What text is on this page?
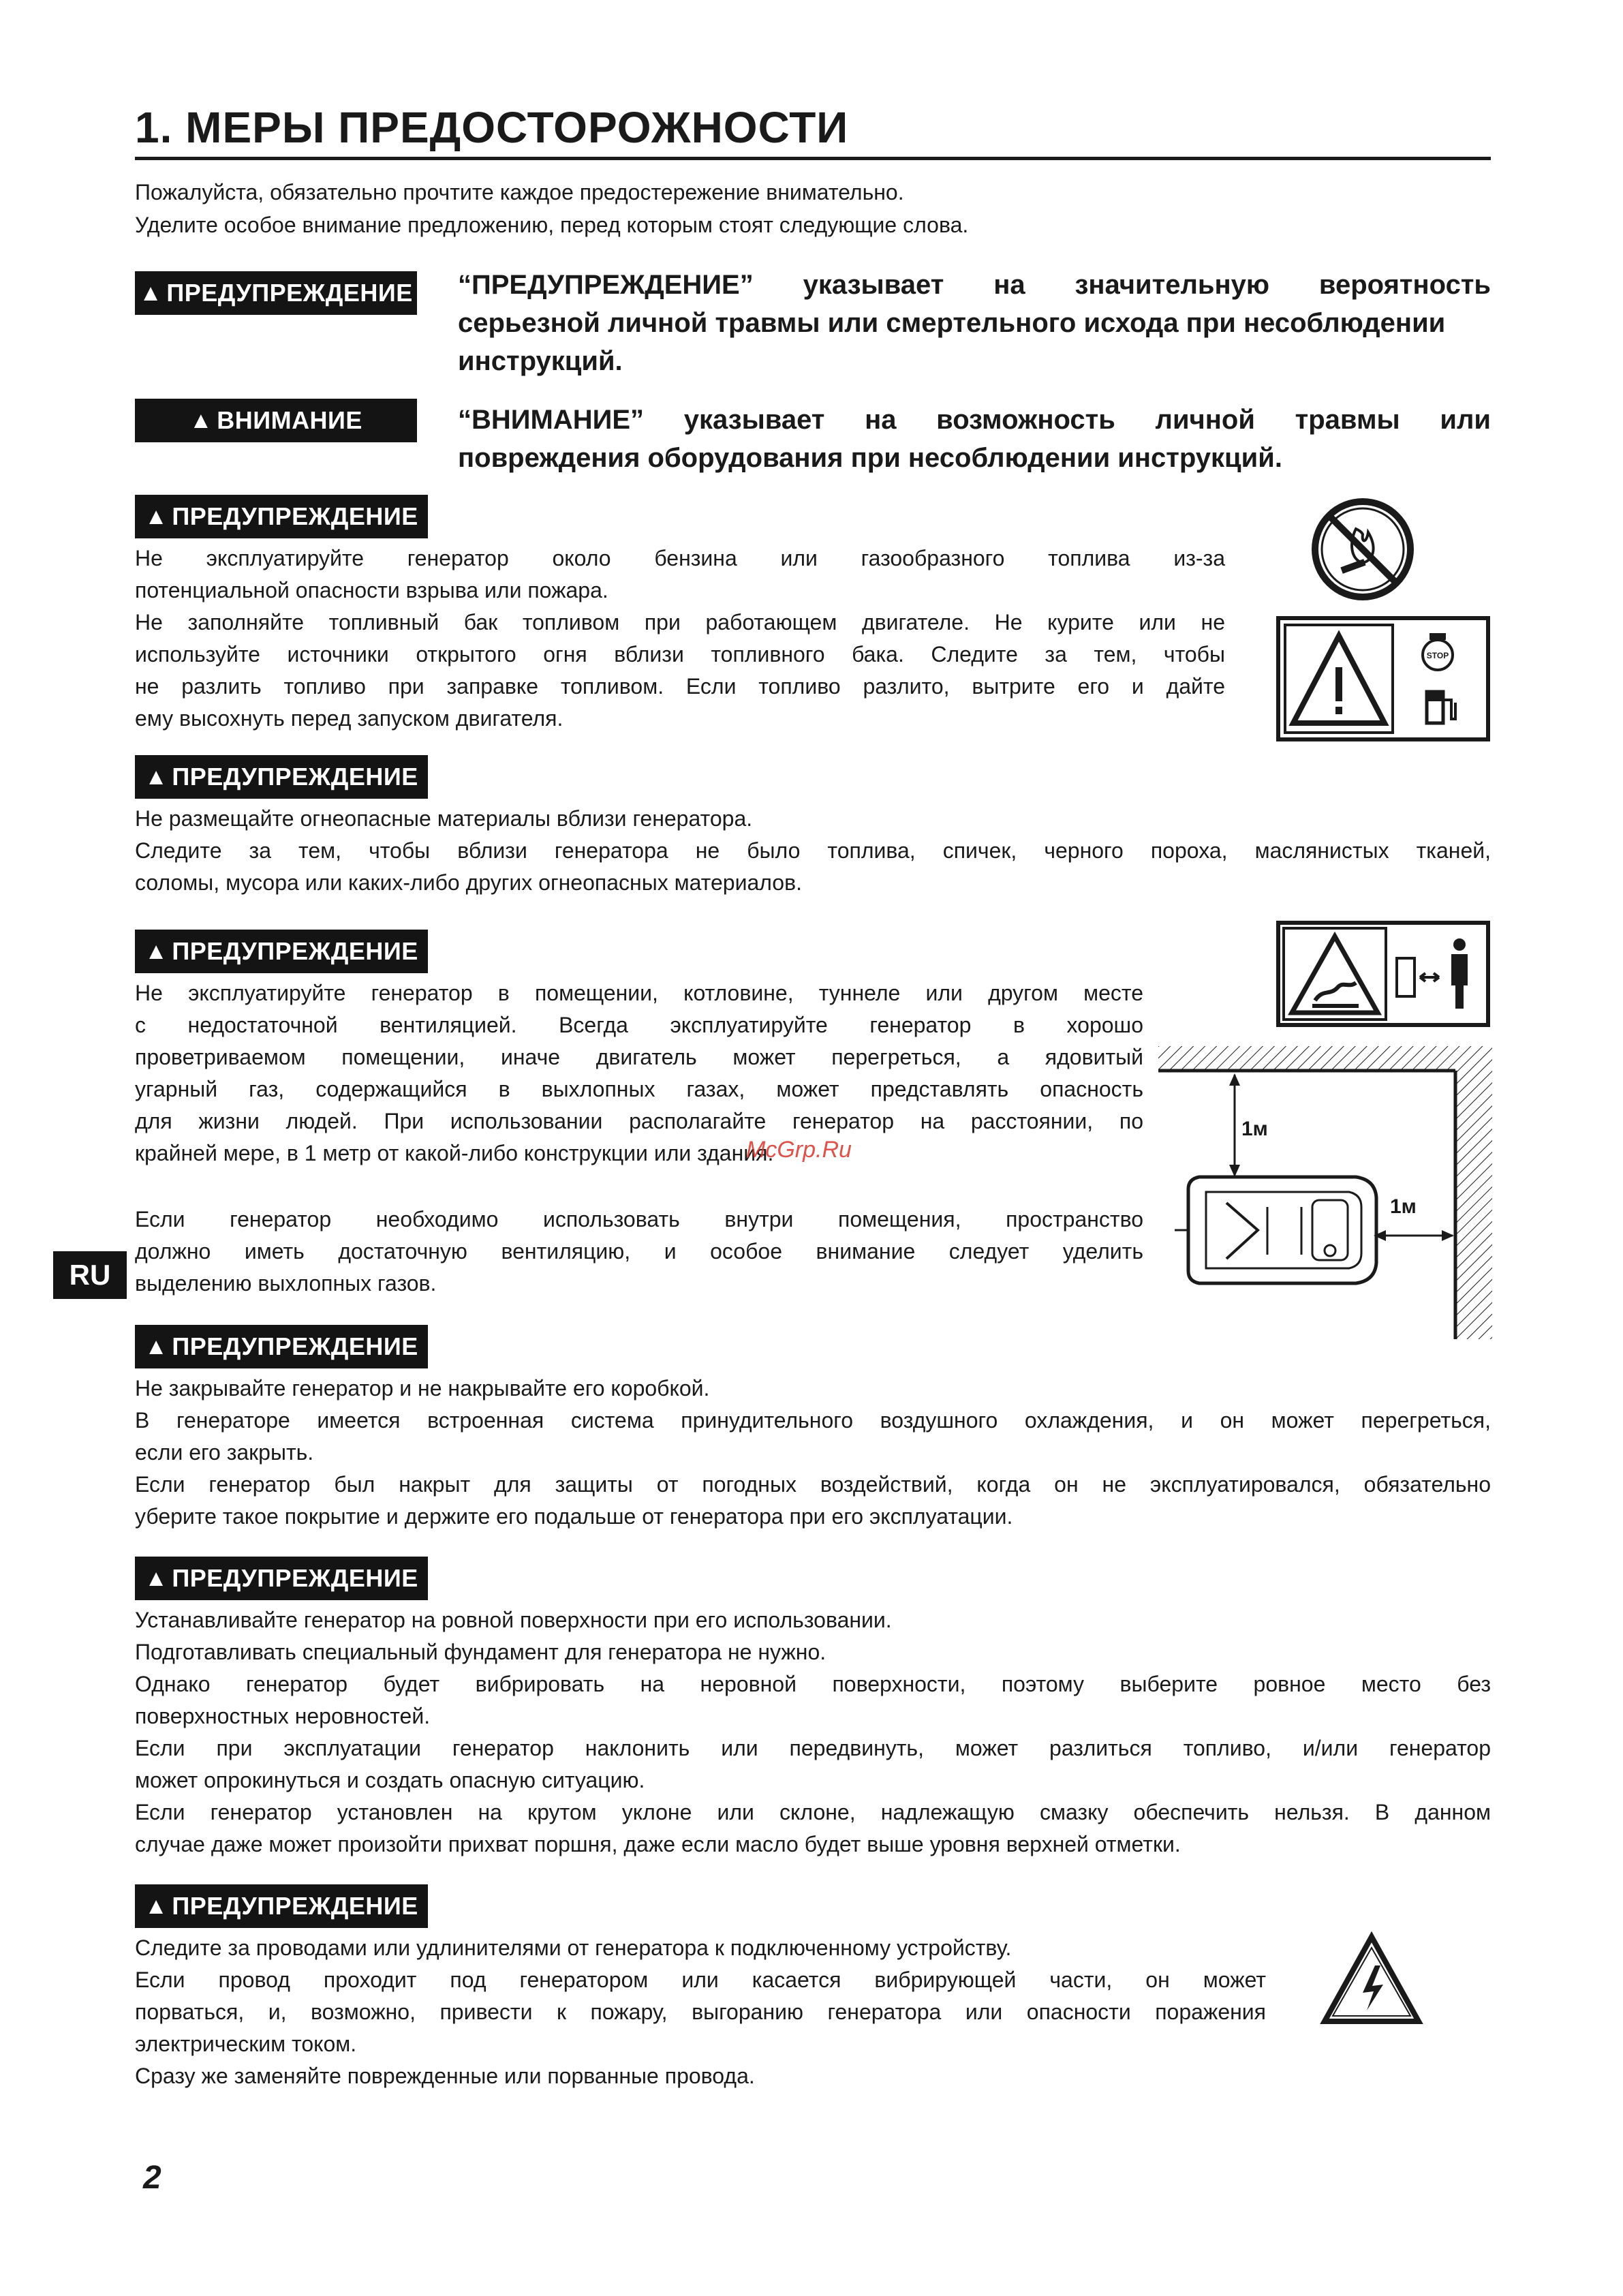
1. МЕРЫ ПРЕДОСТОРОЖНОСТИ
Пожалуйста, обязательно прочтите каждое предостережение внимательно.
Уделите особое внимание предложению, перед которым стоят следующие слова.
▲ ПРЕДУПРЕЖДЕНИЕ “ПРЕДУПРЕЖДЕНИЕ” указывает на значительную вероятность
серьезной личной травмы или смертельного исхода при несоблюдении
инструкций.
▲ ВНИМАНИЕ	“ВНИМАНИЕ” указывает на возможность личной травмы или
повреждения оборудования при несоблюдении инструкций.
▲ ПРЕДУПРЕЖДЕНИЕ
Не эксплуатируйте генератор около бензина или газообразного топлива из-за
потенциальной опасности взрыва или пожара.
Не заполняйте топливный бак топливом при работающем двигателе. Не курите или не
используйте источники открытого огня вблизи топливного бака. Следите за тем, чтобы
не разлить топливо при заправке топливом. Если топливо разлито, вытрите его и дайте
ему высохнуть перед запуском двигателя.
STOP
▲ ПРЕДУПРЕЖДЕНИЕ
Не размещайте огнеопасные материалы вблизи генератора.
Следите за тем, чтобы вблизи генератора не было топлива, спичек, черного пороха, маслянистых тканей,
соломы, мусора или каких-либо других огнеопасных материалов.
▲ ПРЕДУПРЕЖДЕНИЕ
Не эксплуатируйте генератор в помещении, котловине, туннеле или другом месте
с недостаточной вентиляцией. Всегда эксплуатируйте генератор в хорошо
проветриваемом помещении, иначе двигатель может перегреться, а ядовитый
угарный газ, содержащийся в выхлопных газах, может представлять опасность
для жизни людей. При использовании располагайте генератор на расстоянии, по
крайней мере, в 1 метр от какой-либо конструкции или здания.
Если генератор необходимо использовать внутри помещения, пространство
должно иметь достаточную вентиляцию, и особое внимание следует уделить
выделению выхлопных газов.
1м
1м
McGrp.Ru
RU
▲ ПРЕДУПРЕЖДЕНИЕ
Не закрывайте генератор и не накрывайте его коробкой.
В генераторе имеется встроенная система принудительного воздушного охлаждения, и он может перегреться,
если его закрыть.
Если генератор был накрыт для защиты от погодных воздействий, когда он не эксплуатировался, обязательно
уберите такое покрытие и держите его подальше от генератора при его эксплуатации.
▲ ПРЕДУПРЕЖДЕНИЕ
Устанавливайте генератор на ровной поверхности при его использовании.
Подготавливать специальный фундамент для генератора не нужно.
Однако генератор будет вибрировать на неровной поверхности, поэтому выберите ровное место без
поверхностных неровностей.
Если при эксплуатации генератор наклонить или передвинуть, может разлиться топливо, и/или генератор
может опрокинуться и создать опасную ситуацию.
Если генератор установлен на крутом уклоне или склоне, надлежащую смазку обеспечить нельзя. В данном
случае даже может произойти прихват поршня, даже если масло будет выше уровня верхней отметки.
▲ ПРЕДУПРЕЖДЕНИЕ
Следите за проводами или удлинителями от генератора к подключенному устройству.
Если провод проходит под генератором или касается вибрирующей части, он может
порваться, и, возможно, привести к пожару, выгоранию генератора или опасности поражения
электрическим током.
Сразу же заменяйте поврежденные или порванные провода.
2
